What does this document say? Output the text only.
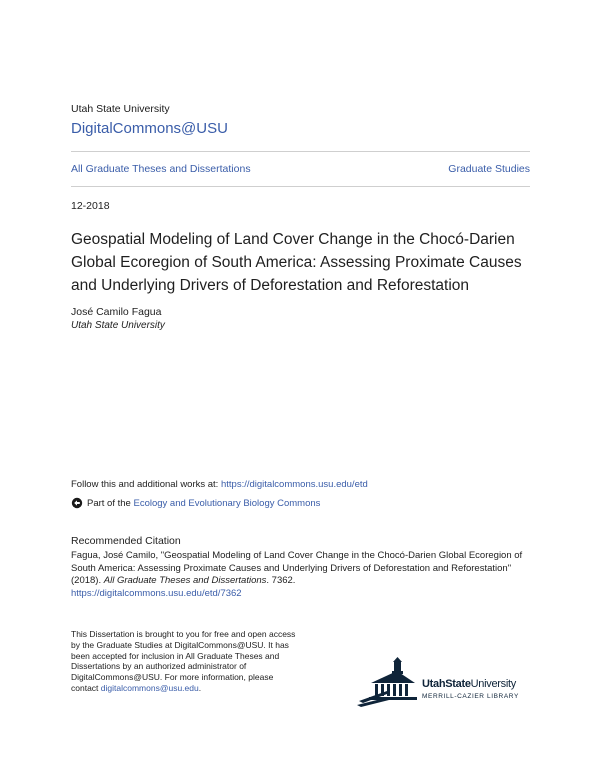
Utah State University
DigitalCommons@USU
All Graduate Theses and Dissertations	Graduate Studies
12-2018
Geospatial Modeling of Land Cover Change in the Chocó-Darien Global Ecoregion of South America: Assessing Proximate Causes and Underlying Drivers of Deforestation and Reforestation
José Camilo Fagua
Utah State University
Follow this and additional works at: https://digitalcommons.usu.edu/etd
Part of the
Ecology and Evolutionary Biology Commons
Recommended Citation
Fagua, José Camilo, "Geospatial Modeling of Land Cover Change in the Chocó-Darien Global Ecoregion of South America: Assessing Proximate Causes and Underlying Drivers of Deforestation and Reforestation" (2018). All Graduate Theses and Dissertations. 7362.
https://digitalcommons.usu.edu/etd/7362
This Dissertation is brought to you for free and open access by the Graduate Studies at DigitalCommons@USU. It has been accepted for inclusion in All Graduate Theses and Dissertations by an authorized administrator of DigitalCommons@USU. For more information, please contact digitalcommons@usu.edu.	UtahStateUniversity
MERRILL-CAZIER LIBRARY
